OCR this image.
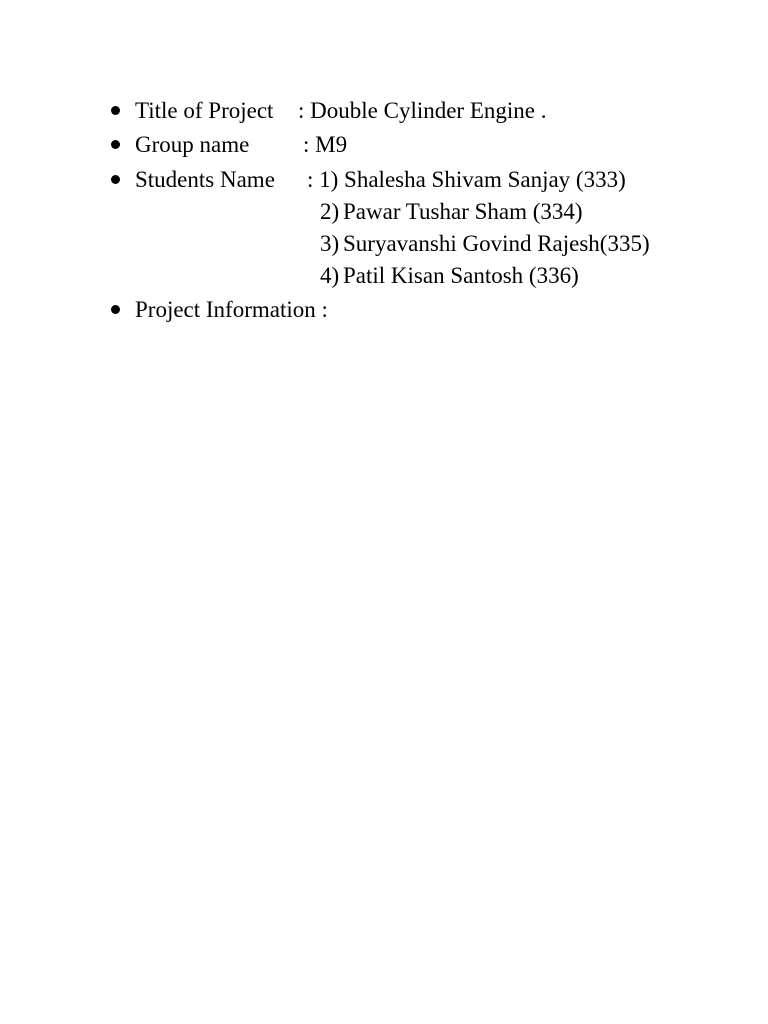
Title of Project : Double Cylinder Engine .
Group name : M9
Students Name : 1) Shalesha Shivam Sanjay (333)
2) Pawar Tushar Sham (334)
3) Suryavanshi Govind Rajesh(335)
4) Patil Kisan Santosh (336)
Project Information :
